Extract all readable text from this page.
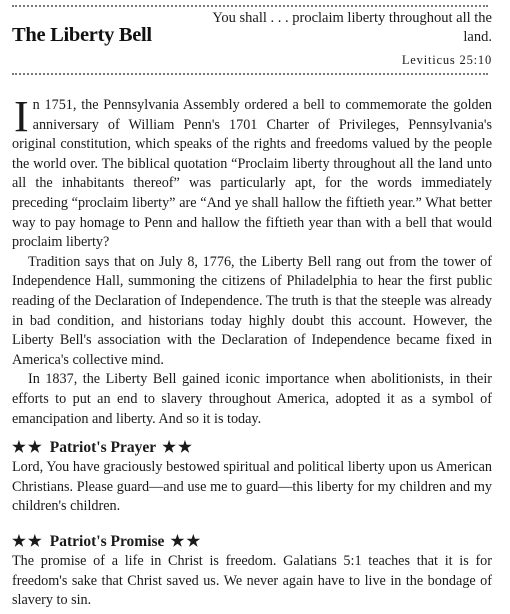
The Liberty Bell
You shall . . . proclaim liberty throughout all the land.
Leviticus 25:10

In 1751, the Pennsylvania Assembly ordered a bell to commemorate the golden anniversary of William Penn's 1701 Charter of Privileges, Pennsylvania's original constitution, which speaks of the rights and freedoms valued by the people the world over. The biblical quotation “Proclaim liberty throughout all the land unto all the inhabitants thereof” was particularly apt, for the words immediately preceding “proclaim liberty” are “And ye shall hallow the fiftieth year.” What better way to pay homage to Penn and hallow the fiftieth year than with a bell that would proclaim liberty?

Tradition says that on July 8, 1776, the Liberty Bell rang out from the tower of Independence Hall, summoning the citizens of Philadelphia to hear the first public reading of the Declaration of Independence. The truth is that the steeple was already in bad condition, and historians today highly doubt this account. However, the Liberty Bell's association with the Declaration of Independence became fixed in America's collective mind.

In 1837, the Liberty Bell gained iconic importance when abolitionists, in their efforts to put an end to slavery throughout America, adopted it as a symbol of emancipation and liberty. And so it is today.

★★ Patriot's Prayer ★★
Lord, You have graciously bestowed spiritual and political liberty upon us American Christians. Please guard—and use me to guard—this liberty for my children and my children's children.
★★ Patriot's Promise ★★
The promise of a life in Christ is freedom. Galatians 5:1 teaches that it is for freedom's sake that Christ saved us. We never again have to live in the bondage of slavery to sin.
